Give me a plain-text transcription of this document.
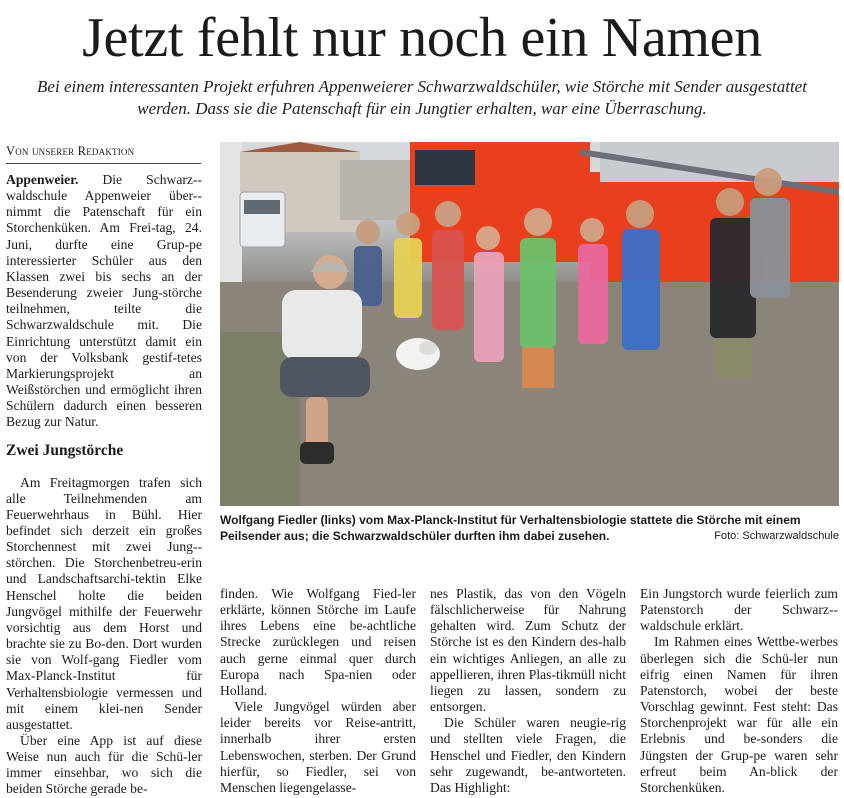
Jetzt fehlt nur noch ein Namen
Bei einem interessanten Projekt erfuhren Appenweierer Schwarzwaldschüler, wie Störche mit Sender ausgestattet werden. Dass sie die Patenschaft für ein Jungtier erhalten, war eine Überraschung.
Von unserer Redaktion

Appenweier. Die Schwarz-waldschule Appenweier über-nimmt die Patenschaft für ein Storchenküken. Am Frei-tag, 24. Juni, durfte eine Grup-pe interessierter Schüler aus den Klassen zwei bis sechs an der Besenderung zweier Jung-störche teilnehmen, teilte die Schwarzwaldschule mit. Die Einrichtung unterstützt damit ein von der Volksbank gestif-tetes Markierungsprojekt an Weißstörchen und ermöglicht ihren Schülern dadurch einen besseren Bezug zur Natur.

Zwei Jungstörche

Am Freitagmorgen trafen sich alle Teilnehmenden am Feuerwehrhaus in Bühl. Hier befindet sich derzeit ein großes Storchennest mit zwei Jung-störchen. Die Storchenbetreu-erin und Landschaftsarchi-tektin Elke Henschel holte die beiden Jungvögel mithilfe der Feuerwehr vorsichtig aus dem Horst und brachte sie zu Bo-den. Dort wurden sie von Wolf-gang Fiedler vom Max-Planck-Institut für Verhaltensbiologie vermessen und mit einem klei-nen Sender ausgestattet.

Über eine App ist auf diese Weise nun auch für die Schü-ler immer einsehbar, wo sich die beiden Störche gerade be-

Wolfgang Fiedler (links) vom Max-Planck-Institut für Verhaltensbiologie stattete die Störche mit einem Peilsender aus; die Schwarzwaldschüler durften ihm dabei zusehen.	Foto: Schwarzwaldschule

finden. Wie Wolfgang Fied-ler erklärte, können Störche im Laufe ihres Lebens eine be-achtliche Strecke zurücklegen und reisen auch gerne einmal quer durch Europa nach Spa-nien oder Holland.

Viele Jungvögel würden aber leider bereits vor Reise-antritt, innerhalb ihrer ersten Lebenswochen, sterben. Der Grund hierfür, so Fiedler, sei von Menschen liegengelasse-

nes Plastik, das von den Vögeln fälschlicherweise für Nahrung gehalten wird. Zum Schutz der Störche ist es den Kindern des-halb ein wichtiges Anliegen, an alle zu appellieren, ihren Plas-tikmüll nicht liegen zu lassen, sondern zu entsorgen.

Die Schüler waren neugie-rig und stellten viele Fragen, die Henschel und Fiedler, den Kindern sehr zugewandt, be-antworteten. Das Highlight:

Ein Jungstorch wurde feierlich zum Patenstorch der Schwarz-waldschule erklärt.

Im Rahmen eines Wettbe-werbes überlegen sich die Schü-ler nun eifrig einen Namen für ihren Patenstorch, wobei der beste Vorschlag gewinnt. Fest steht: Das Storchenprojekt war für alle ein Erlebnis und be-sonders die Jüngsten der Grup-pe waren sehr erfreut beim An-blick der Storchenküken.
